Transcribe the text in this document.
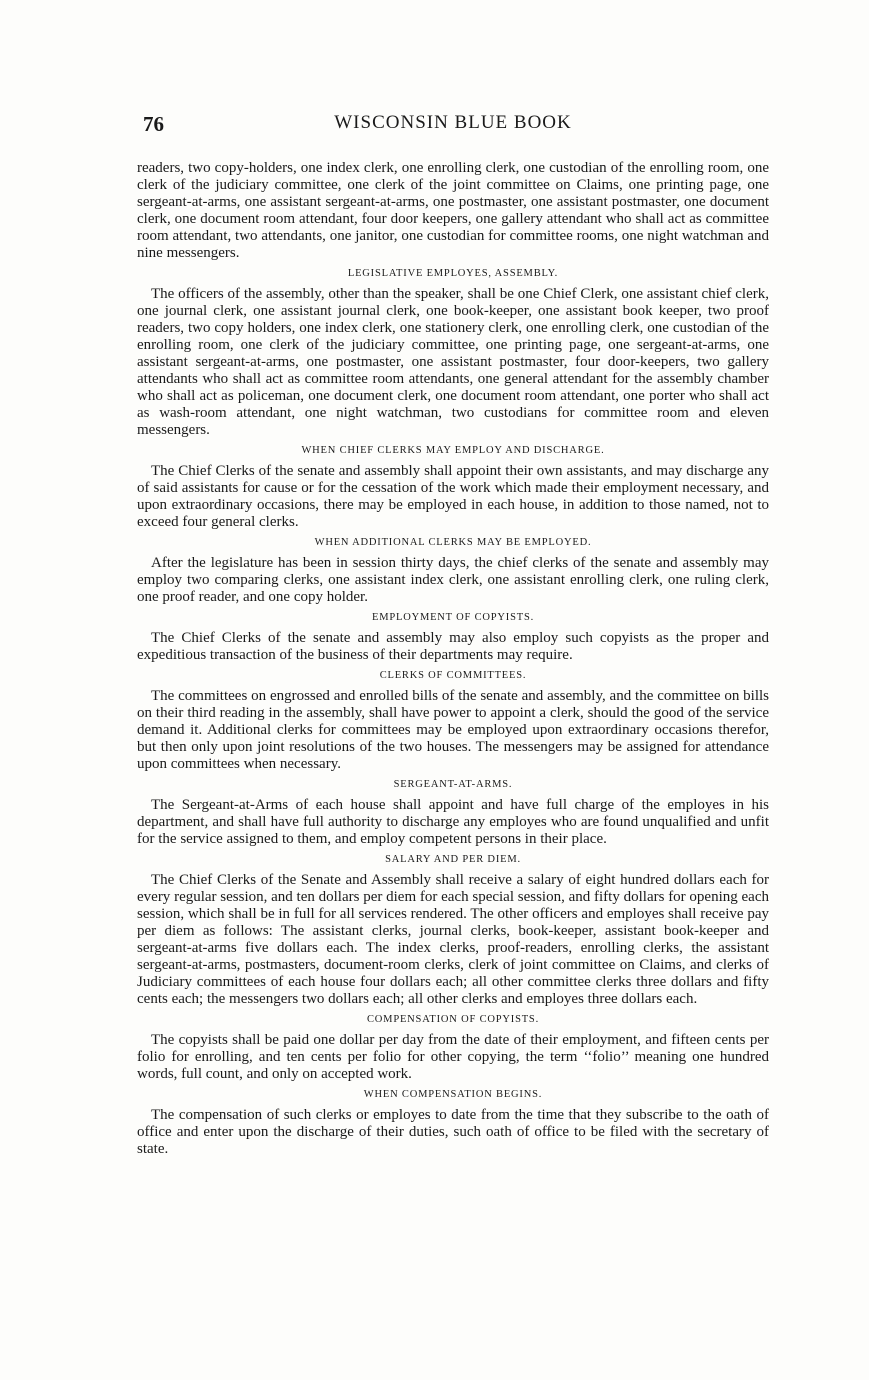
76	WISCONSIN BLUE BOOK

readers, two copy-holders, one index clerk, one enrolling clerk, one custodian of the enrolling room, one clerk of the judiciary committee, one clerk of the joint committee on Claims, one printing page, one sergeant-at-arms, one assistant sergeant-at-arms, one postmaster, one assistant postmaster, one document clerk, one document room attendant, four door keepers, one gallery attendant who shall act as committee room attendant, two attendants, one janitor, one custodian for committee rooms, one night watchman and nine messengers.

LEGISLATIVE EMPLOYES, ASSEMBLY.

The officers of the assembly, other than the speaker, shall be one Chief Clerk, one assistant chief clerk, one journal clerk, one assistant journal clerk, one book-keeper, one assistant book keeper, two proof readers, two copy holders, one index clerk, one stationery clerk, one enrolling clerk, one custodian of the enrolling room, one clerk of the judiciary committee, one printing page, one sergeant-at-arms, one assistant sergeant-at-arms, one postmaster, one assistant postmaster, four door-keepers, two gallery attendants who shall act as committee room attendants, one general attendant for the assembly chamber who shall act as policeman, one document clerk, one document room attendant, one porter who shall act as wash-room attendant, one night watchman, two custodians for committee room and eleven messengers.

WHEN CHIEF CLERKS MAY EMPLOY AND DISCHARGE.

The Chief Clerks of the senate and assembly shall appoint their own assistants, and may discharge any of said assistants for cause or for the cessation of the work which made their employment necessary, and upon extraordinary occasions, there may be employed in each house, in addition to those named, not to exceed four general clerks.

WHEN ADDITIONAL CLERKS MAY BE EMPLOYED.

After the legislature has been in session thirty days, the chief clerks of the senate and assembly may employ two comparing clerks, one assistant index clerk, one assistant enrolling clerk, one ruling clerk, one proof reader, and one copy holder.

EMPLOYMENT OF COPYISTS.

The Chief Clerks of the senate and assembly may also employ such copyists as the proper and expeditious transaction of the business of their departments may require.

CLERKS OF COMMITTEES.

The committees on engrossed and enrolled bills of the senate and assembly, and the committee on bills on their third reading in the assembly, shall have power to appoint a clerk, should the good of the service demand it. Additional clerks for committees may be employed upon extraordinary occasions therefor, but then only upon joint resolutions of the two houses. The messengers may be assigned for attendance upon committees when necessary.

SERGEANT-AT-ARMS.

The Sergeant-at-Arms of each house shall appoint and have full charge of the employes in his department, and shall have full authority to discharge any employes who are found unqualified and unfit for the service assigned to them, and employ competent persons in their place.

SALARY AND PER DIEM.

The Chief Clerks of the Senate and Assembly shall receive a salary of eight hundred dollars each for every regular session, and ten dollars per diem for each special session, and fifty dollars for opening each session, which shall be in full for all services rendered. The other officers and employes shall receive pay per diem as follows: The assistant clerks, journal clerks, book-keeper, assistant book-keeper and sergeant-at-arms five dollars each. The index clerks, proof-readers, enrolling clerks, the assistant sergeant-at-arms, postmasters, document-room clerks, clerk of joint committee on Claims, and clerks of Judiciary committees of each house four dollars each; all other committee clerks three dollars and fifty cents each; the messengers two dollars each; all other clerks and employes three dollars each.

COMPENSATION OF COPYISTS.

The copyists shall be paid one dollar per day from the date of their employment, and fifteen cents per folio for enrolling, and ten cents per folio for other copying, the term ‘‘folio’’ meaning one hundred words, full count, and only on accepted work.

WHEN COMPENSATION BEGINS.

The compensation of such clerks or employes to date from the time that they subscribe to the oath of office and enter upon the discharge of their duties, such oath of office to be filed with the secretary of state.
